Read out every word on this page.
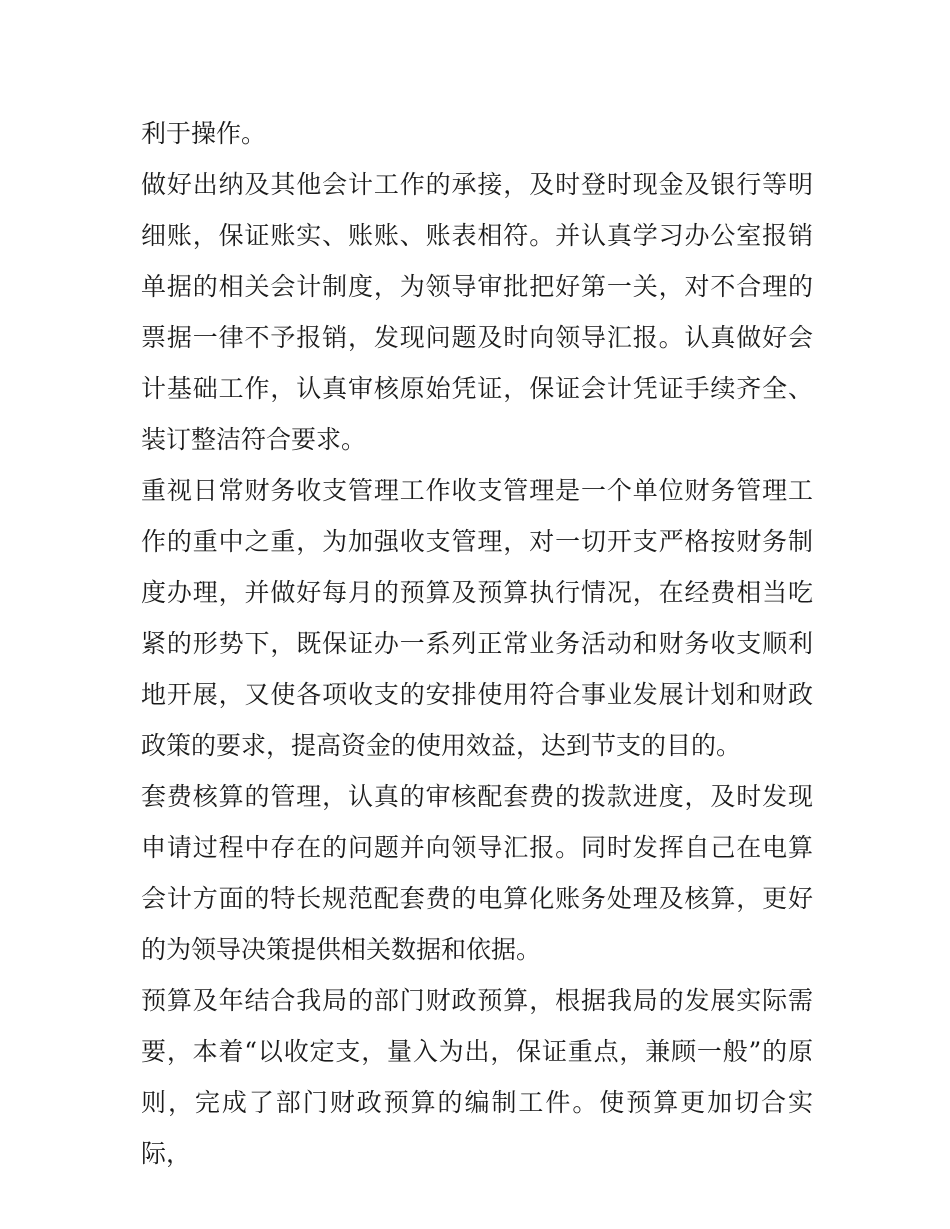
利于操作。

做好出纳及其他会计工作的承接，及时登时现金及银行等明细账，保证账实、账账、账表相符。并认真学习办公室报销单据的相关会计制度，为领导审批把好第一关，对不合理的票据一律不予报销，发现问题及时向领导汇报。认真做好会计基础工作，认真审核原始凭证，保证会计凭证手续齐全、装订整洁符合要求。

重视日常财务收支管理工作收支管理是一个单位财务管理工作的重中之重，为加强收支管理，对一切开支严格按财务制度办理，并做好每月的预算及预算执行情况，在经费相当吃紧的形势下，既保证办一系列正常业务活动和财务收支顺利地开展，又使各项收支的安排使用符合事业发展计划和财政政策的要求，提高资金的使用效益，达到节支的目的。

套费核算的管理，认真的审核配套费的拨款进度，及时发现申请过程中存在的问题并向领导汇报。同时发挥自己在电算会计方面的特长规范配套费的电算化账务处理及核算，更好的为领导决策提供相关数据和依据。

预算及年结合我局的部门财政预算，根据我局的发展实际需要，本着“以收定支，量入为出，保证重点，兼顾一般”的原则，完成了部门财政预算的编制工件。使预算更加切合实际，
